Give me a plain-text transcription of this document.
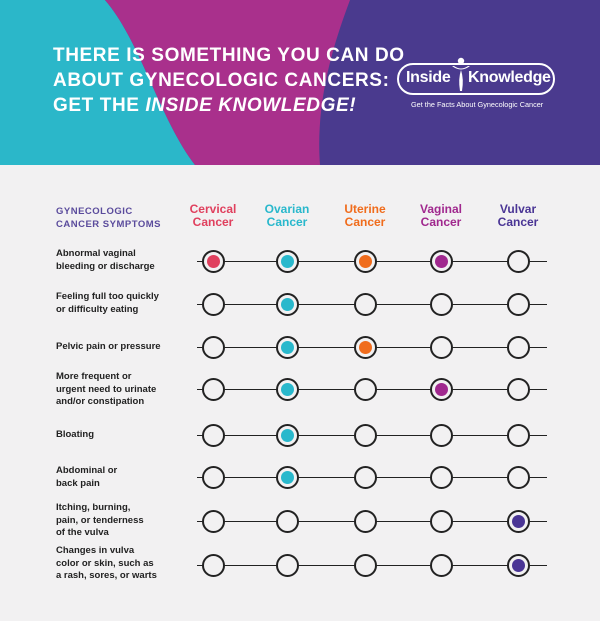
THERE IS SOMETHING YOU CAN DO
ABOUT GYNECOLOGIC CANCERS:
GET THE INSIDE KNOWLEDGE!
Inside Knowledge
Get the Facts About Gynecologic Cancer
GYNECOLOGIC
CANCER SYMPTOMS
Cervical
Cancer
Ovarian
Cancer
Uterine
Cancer
Vaginal
Cancer
Vulvar
Cancer
Abnormal vaginal
bleeding or discharge
Feeling full too quickly
or difficulty eating
Pelvic pain or pressure
More frequent or
urgent need to urinate
and/or constipation
Bloating
Abdominal or
back pain
Itching, burning,
pain, or tenderness
of the vulva
Changes in vulva
color or skin, such as
a rash, sores, or warts
